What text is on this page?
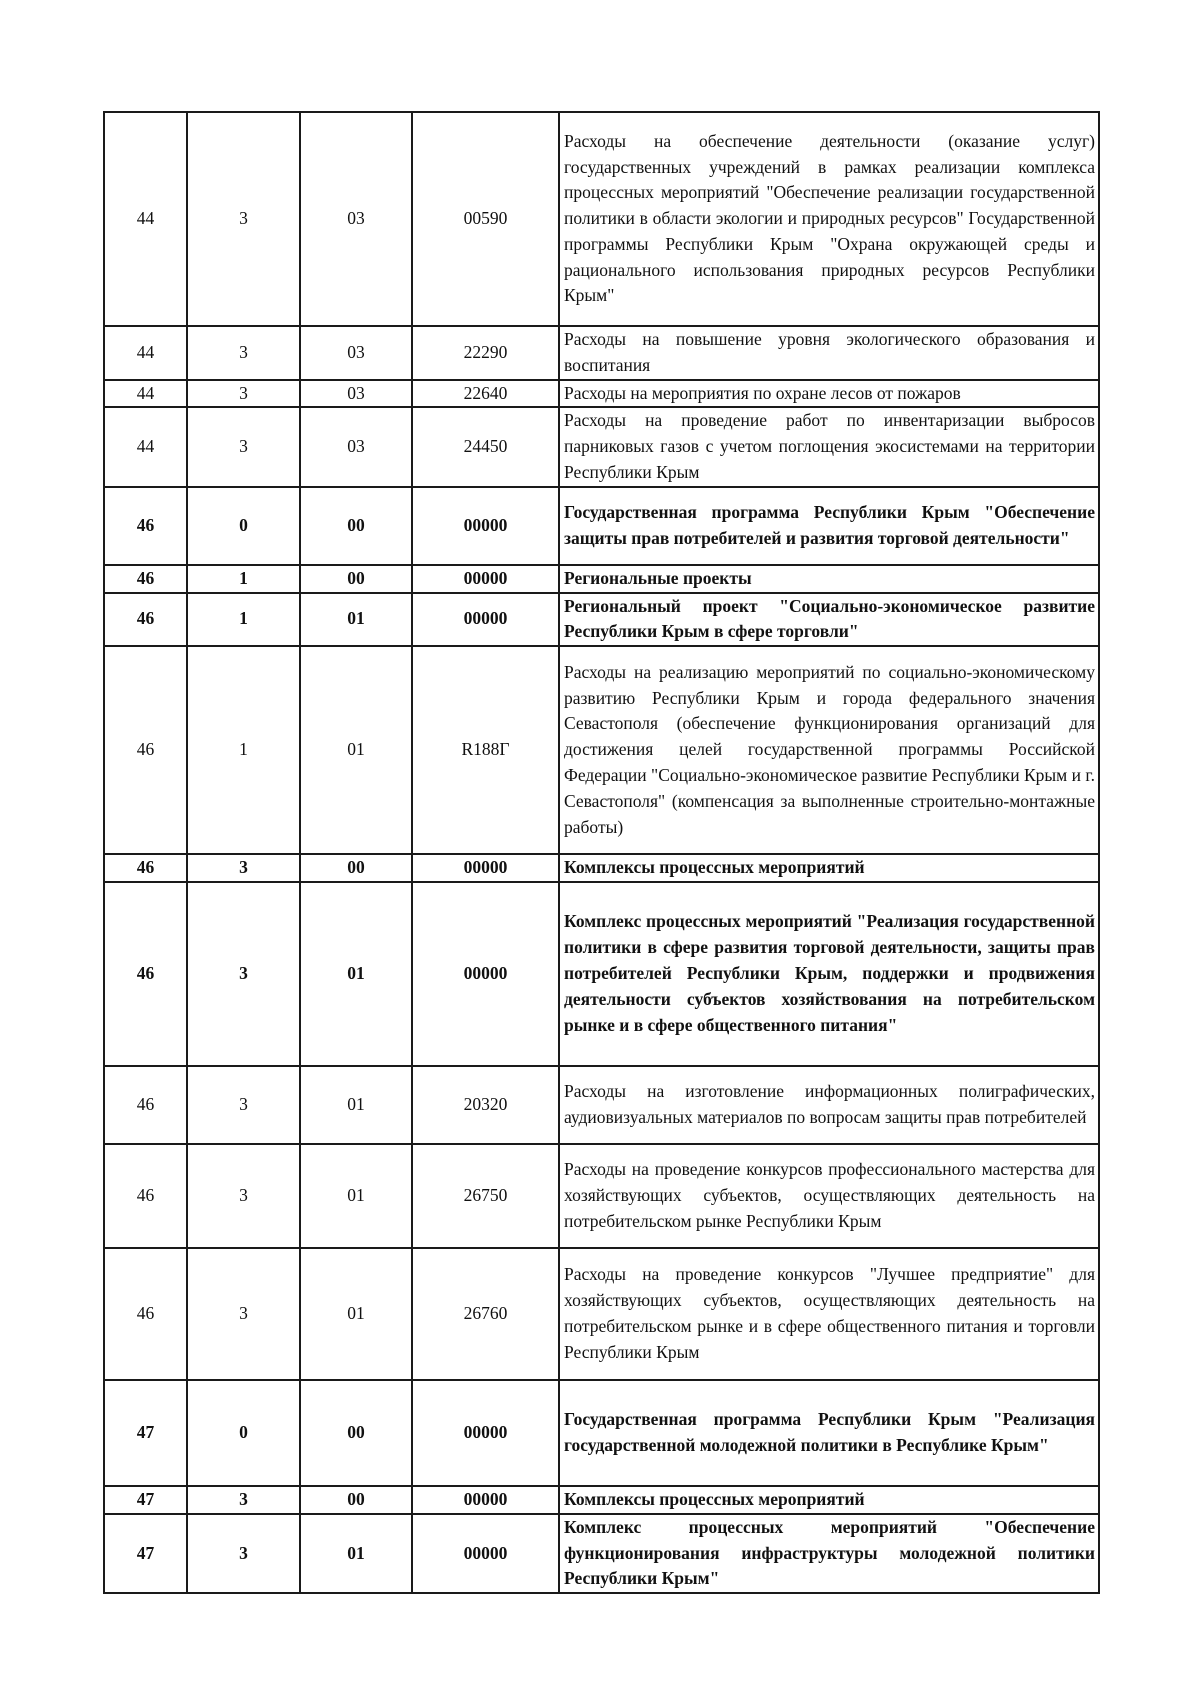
44	3	03	00590	Расходы на обеспечение деятельности (оказание услуг) государственных учреждений в рамках реализации комплекса процессных мероприятий "Обеспечение реализации государственной политики в области экологии и природных ресурсов" Государственной программы Республики Крым "Охрана окружающей среды и рационального использования природных ресурсов Республики Крым"
44	3	03	22290	Расходы на повышение уровня экологического образования и воспитания
44	3	03	22640	Расходы на мероприятия по охране лесов от пожаров
44	3	03	24450	Расходы на проведение работ по инвентаризации выбросов парниковых газов с учетом поглощения экосистемами на территории Республики Крым
46	0	00	00000	Государственная программа Республики Крым "Обеспечение защиты прав потребителей и развития торговой деятельности"
46	1	00	00000	Региональные проекты
46	1	01	00000	Региональный проект "Социально-экономическое развитие Республики Крым в сфере торговли"
46	1	01	R188Г	Расходы на реализацию мероприятий по социально-экономическому развитию Республики Крым и города федерального значения Севастополя (обеспечение функционирования организаций для достижения целей государственной программы Российской Федерации "Социально-экономическое развитие Республики Крым и г. Севастополя" (компенсация за выполненные строительно-монтажные работы)
46	3	00	00000	Комплексы процессных мероприятий
46	3	01	00000	Комплекс процессных мероприятий "Реализация государственной политики в сфере развития торговой деятельности, защиты прав потребителей Республики Крым, поддержки и продвижения деятельности субъектов хозяйствования на потребительском рынке и в сфере общественного питания"
46	3	01	20320	Расходы на изготовление информационных полиграфических, аудиовизуальных материалов по вопросам защиты прав потребителей
46	3	01	26750	Расходы на проведение конкурсов профессионального мастерства для хозяйствующих субъектов, осуществляющих деятельность на потребительском рынке Республики Крым
46	3	01	26760	Расходы на проведение конкурсов "Лучшее предприятие" для хозяйствующих субъектов, осуществляющих деятельность на потребительском рынке и в сфере общественного питания и торговли Республики Крым
47	0	00	00000	Государственная программа Республики Крым "Реализация государственной молодежной политики в Республике Крым"
47	3	00	00000	Комплексы процессных мероприятий
47	3	01	00000	Комплекс процессных мероприятий "Обеспечение функционирования инфраструктуры молодежной политики Республики Крым"
